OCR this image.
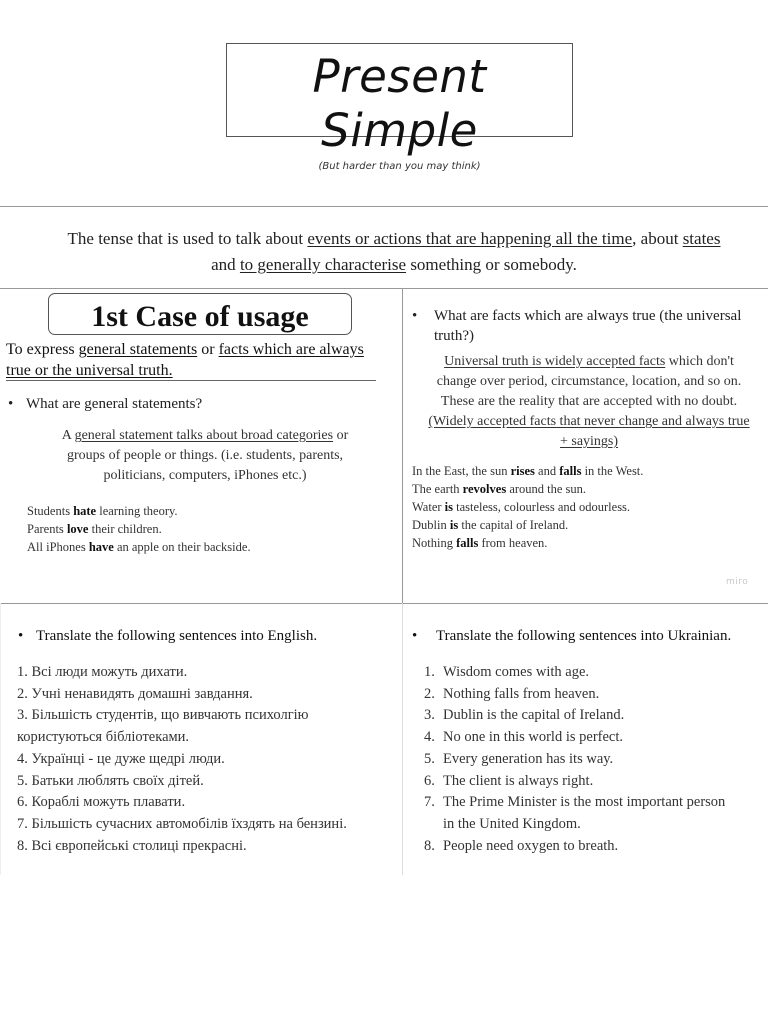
Present Simple
(But harder than you may think)
The tense that is used to talk about events or actions that are happening all the time, about states
and to generally characterise something or somebody.
1st Case of usage
To express general statements or facts which are always true or the universal truth.
• What are general statements?
A general statement talks about broad categories or groups of people or things. (i.e. students, parents, politicians, computers, iPhones etc.)
Students hate learning theory.
Parents love their children.
All iPhones have an apple on their backside.
•	What are facts which are always true (the universal truth?)
Universal truth is widely accepted facts which don't change over period, circumstance, location, and so on. These are the reality that are accepted with no doubt. (Widely accepted facts that never change and always true + sayings)
In the East, the sun rises and falls in the West.
The earth revolves around the sun.
Water is tasteless, colourless and odourless.
Dublin is the capital of Ireland.
Nothing falls from heaven.
miro
• Translate the following sentences into English.
1. Всі люди можуть дихати.
2. Учні ненавидять домашні завдання.
3. Більшість студентів, що вивчають психолгію користуються бібліотеками.
4. Українці - це дуже щедрі люди.
5. Батьки люблять своїх дітей.
6. Кораблі можуть плавати.
7. Більшість сучасних автомобілів їхздять на бензині.
8. Всі європейські столиці прекрасні.
• Translate the following sentences into Ukrainian.
1. Wisdom comes with age.
2. Nothing falls from heaven.
3. Dublin is the capital of Ireland.
4. No one in this world is perfect.
5. Every generation has its way.
6. The client is always right.
7. The Prime Minister is the most important person in the United Kingdom.
8. People need oxygen to breath.
